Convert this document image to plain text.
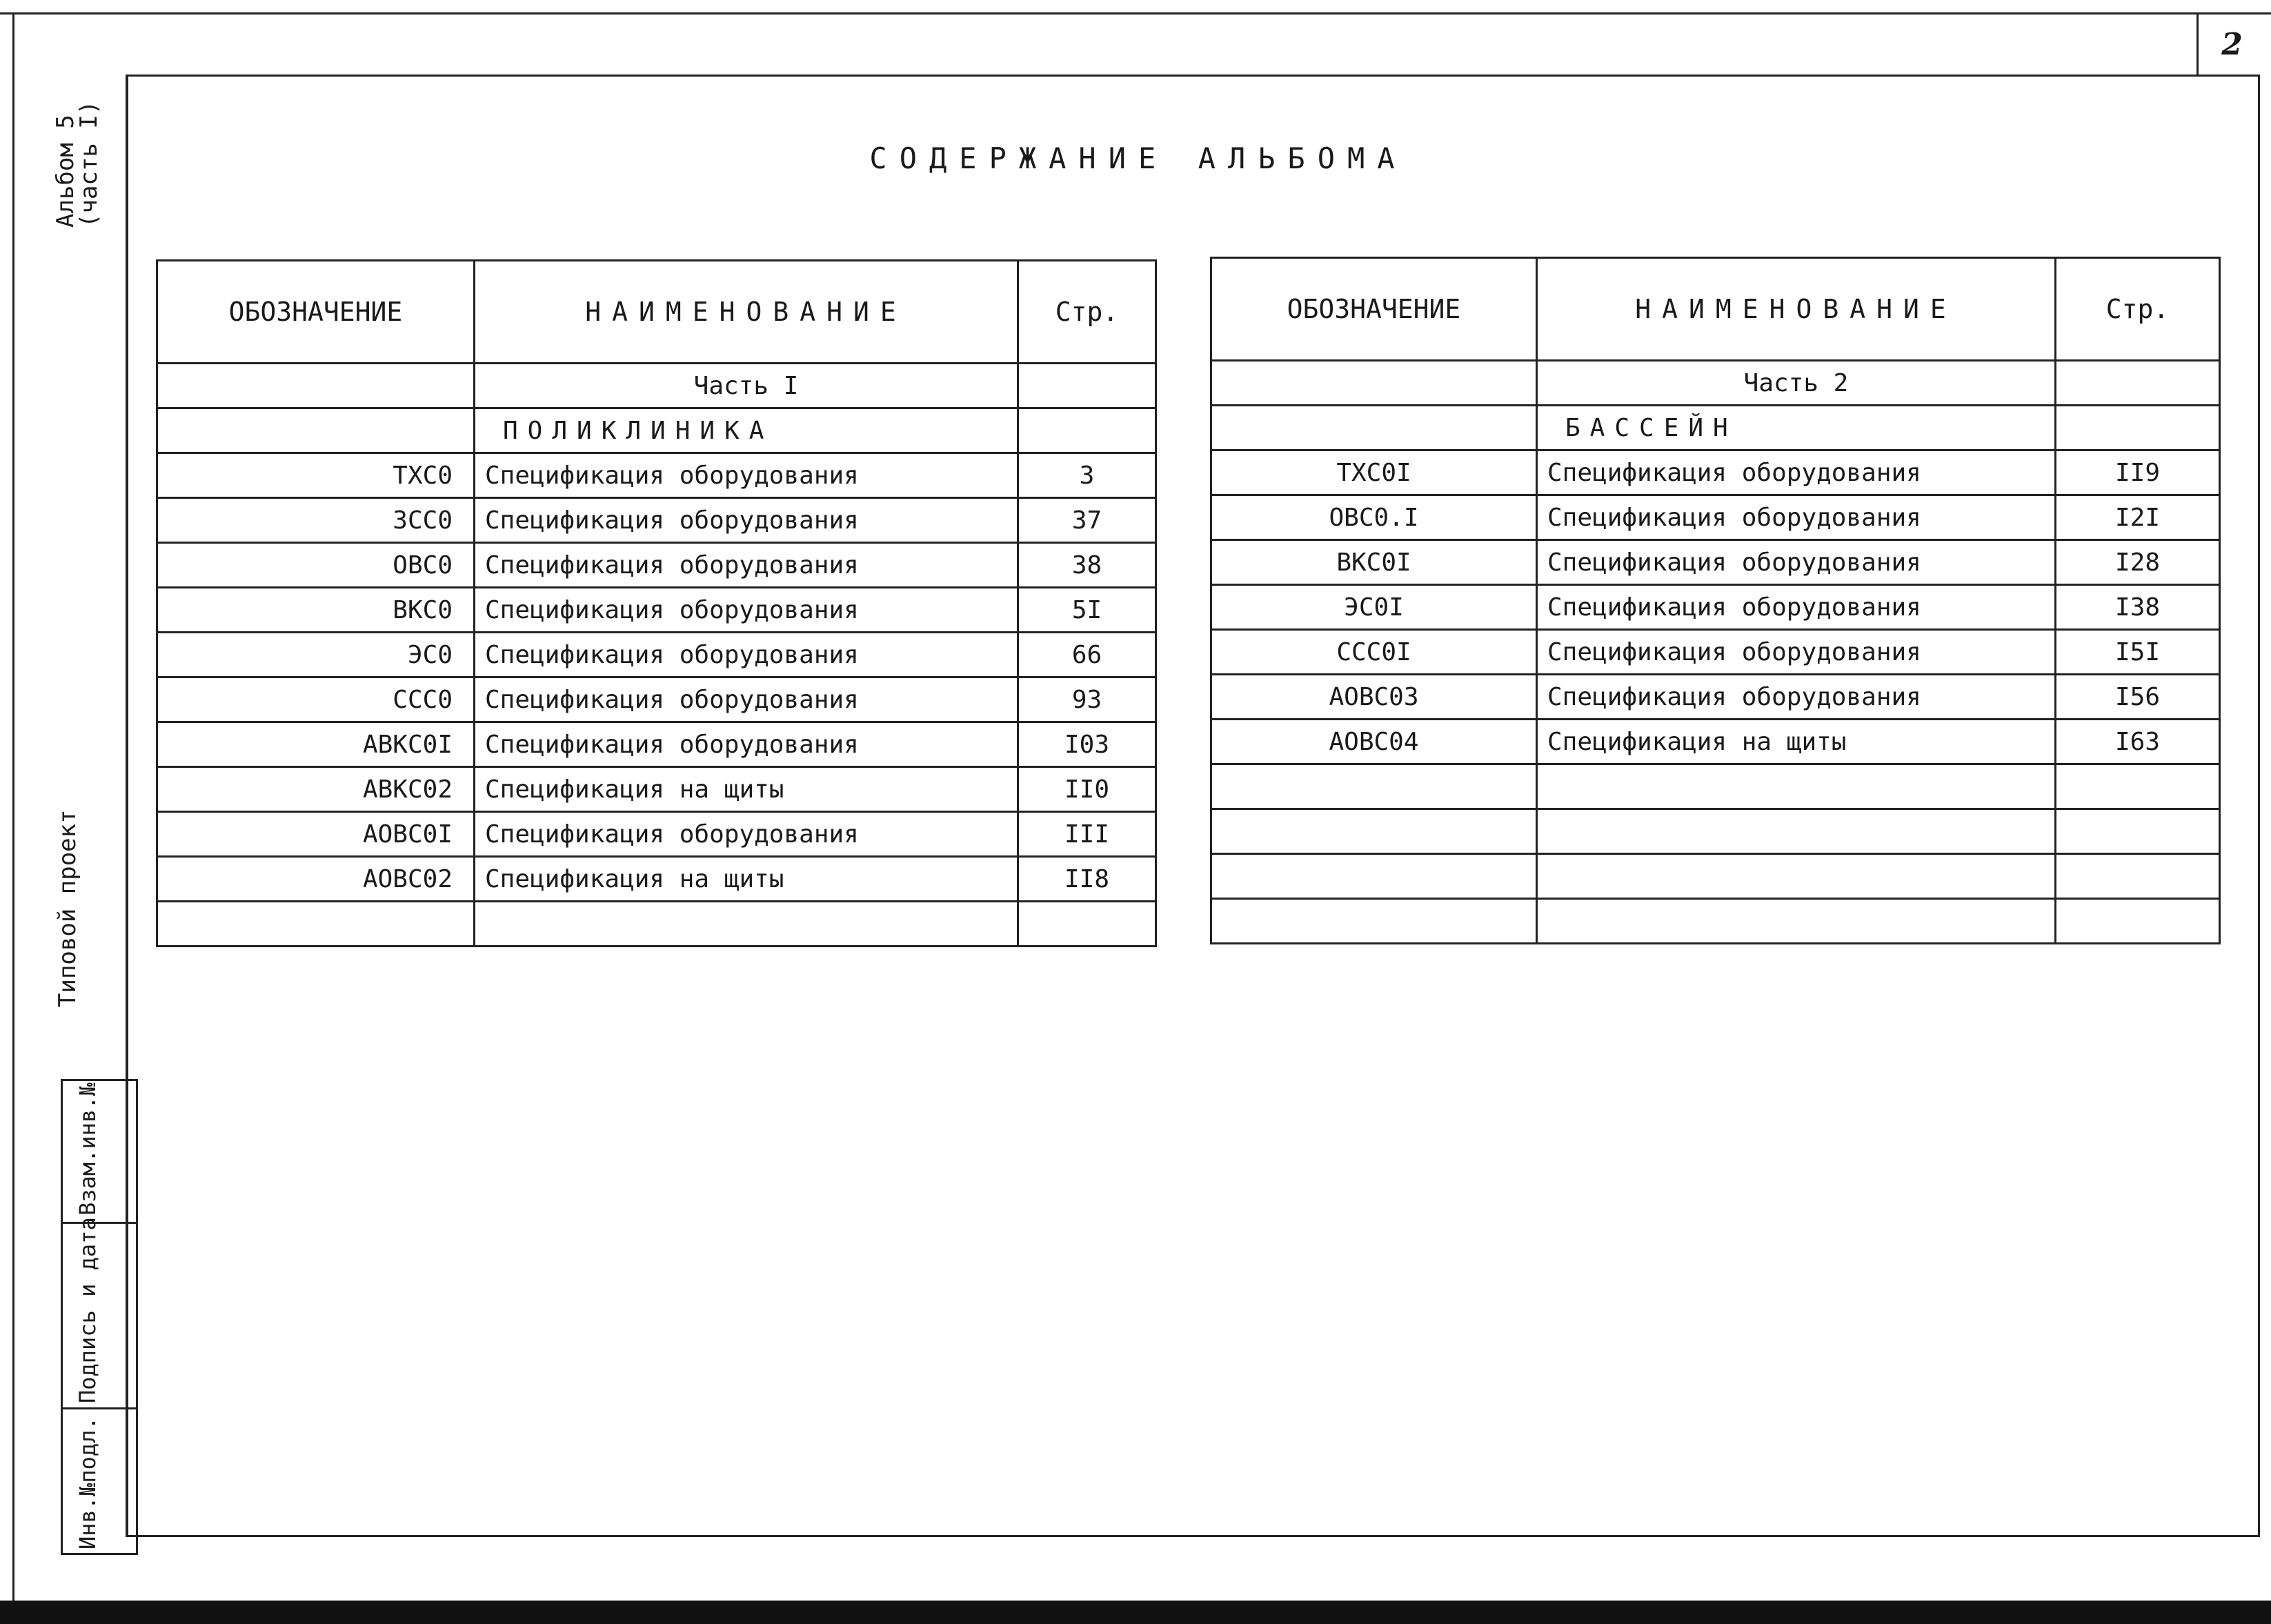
2
СОДЕРЖАНИЕ АЛЬБОМА
Альбом 5
(часть I)
Типовой проект
Взам.инв.№
Подпись и дата
Инв.№подл.
ОБОЗНАЧЕНИЕ	НАИМЕНОВАНИЕ	Стр.
	Часть I	
	ПОЛИКЛИНИКА	
ТХС0	Спецификация оборудования	3
ЗСС0	Спецификация оборудования	37
ОВС0	Спецификация оборудования	38
ВКС0	Спецификация оборудования	5I
ЭС0	Спецификация оборудования	66
ССС0	Спецификация оборудования	93
АВКС0I	Спецификация оборудования	I03
АВКС02	Спецификация на щиты	II0
АОВС0I	Спецификация оборудования	III
АОВС02	Спецификация на щиты	II8

ОБОЗНАЧЕНИЕ	НАИМЕНОВАНИЕ	Стр.
	Часть 2	
	БАССЕЙН	
ТХС0I	Спецификация оборудования	II9
ОВС0.I	Спецификация оборудования	I2I
ВКС0I	Спецификация оборудования	I28
ЭС0I	Спецификация оборудования	I38
ССС0I	Спецификация оборудования	I5I
АОВС03	Спецификация оборудования	I56
АОВС04	Спецификация на щиты	I63
